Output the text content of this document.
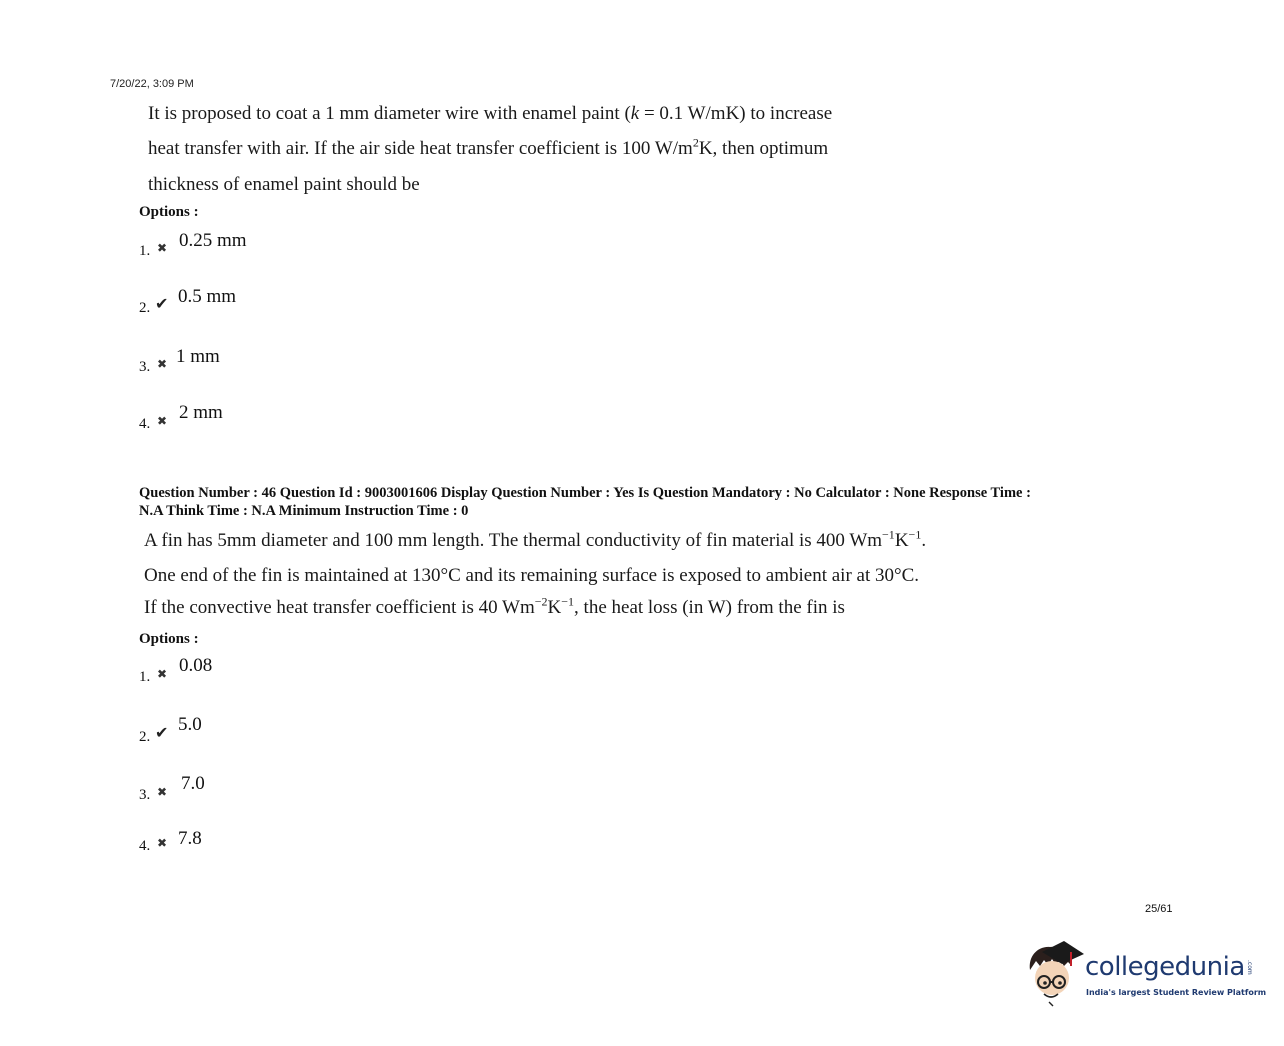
7/20/22, 3:09 PM
It is proposed to coat a 1 mm diameter wire with enamel paint (k = 0.1 W/mK) to increase
heat transfer with air. If the air side heat transfer coefficient is 100 $W/m^2K$, then optimum
thickness of enamel paint should be
Options :
1. ✖ 0.25 mm
2. ✔ 0.5 mm
3. ✖ 1 mm
4. ✖ 2 mm
Question Number : 46 Question Id : 9003001606 Display Question Number : Yes Is Question Mandatory : No Calculator : None Response Time :
N.A Think Time : N.A Minimum Instruction Time : 0
A fin has 5mm diameter and 100 mm length. The thermal conductivity of fin material is 400 $Wm^{-1}K^{-1}$.
One end of the fin is maintained at 130°C and its remaining surface is exposed to ambient air at 30°C.
If the convective heat transfer coefficient is 40 $Wm^{-2}K^{-1}$, the heat loss (in W) from the fin is
Options :
1. ✖ 0.08
2. ✔ 5.0
3. ✖ 7.0
4. ✖ 7.8
25/61
collegedunia .com
India's largest Student Review Platform
